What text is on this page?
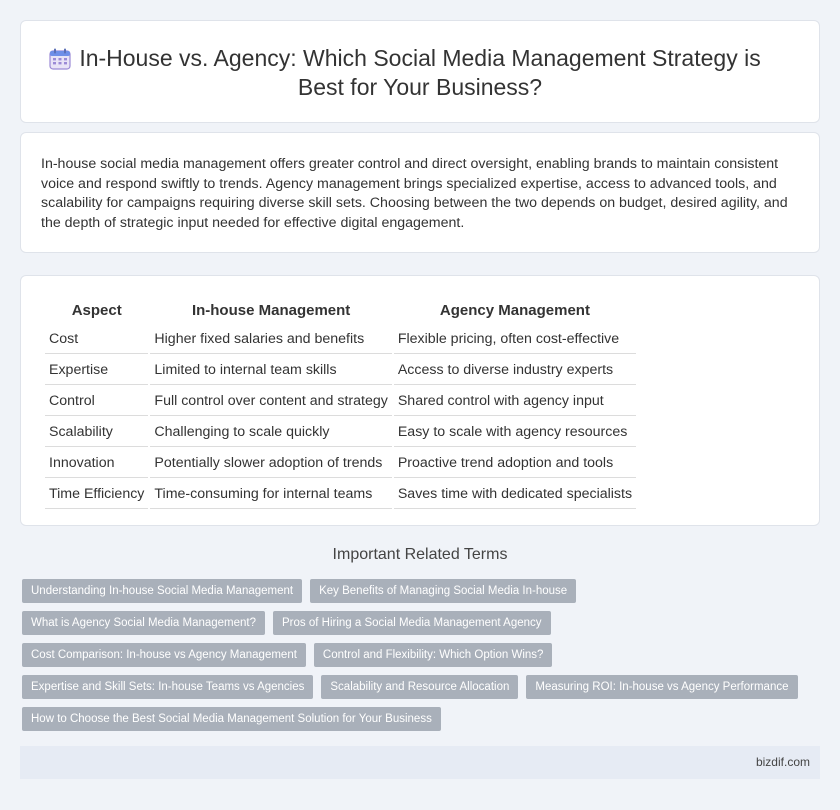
In-House vs. Agency: Which Social Media Management Strategy is
Best for Your Business?

In-house social media management offers greater control and direct oversight, enabling brands to maintain consistent voice and respond swiftly to trends. Agency management brings specialized expertise, access to advanced tools, and scalability for campaigns requiring diverse skill sets. Choosing between the two depends on budget, desired agility, and the depth of strategic input needed for effective digital engagement.

Aspect	In-house Management	Agency Management
Cost	Higher fixed salaries and benefits	Flexible pricing, often cost-effective
Expertise	Limited to internal team skills	Access to diverse industry experts
Control	Full control over content and strategy	Shared control with agency input
Scalability	Challenging to scale quickly	Easy to scale with agency resources
Innovation	Potentially slower adoption of trends	Proactive trend adoption and tools
Time Efficiency	Time-consuming for internal teams	Saves time with dedicated specialists
Important Related Terms
Understanding In-house Social Media Management	Key Benefits of Managing Social Media In-house
What is Agency Social Media Management?	Pros of Hiring a Social Media Management Agency
Cost Comparison: In-house vs Agency Management	Control and Flexibility: Which Option Wins?
Expertise and Skill Sets: In-house Teams vs Agencies	Scalability and Resource Allocation	Measuring ROI: In-house vs Agency Performance
How to Choose the Best Social Media Management Solution for Your Business
bizdif.com
